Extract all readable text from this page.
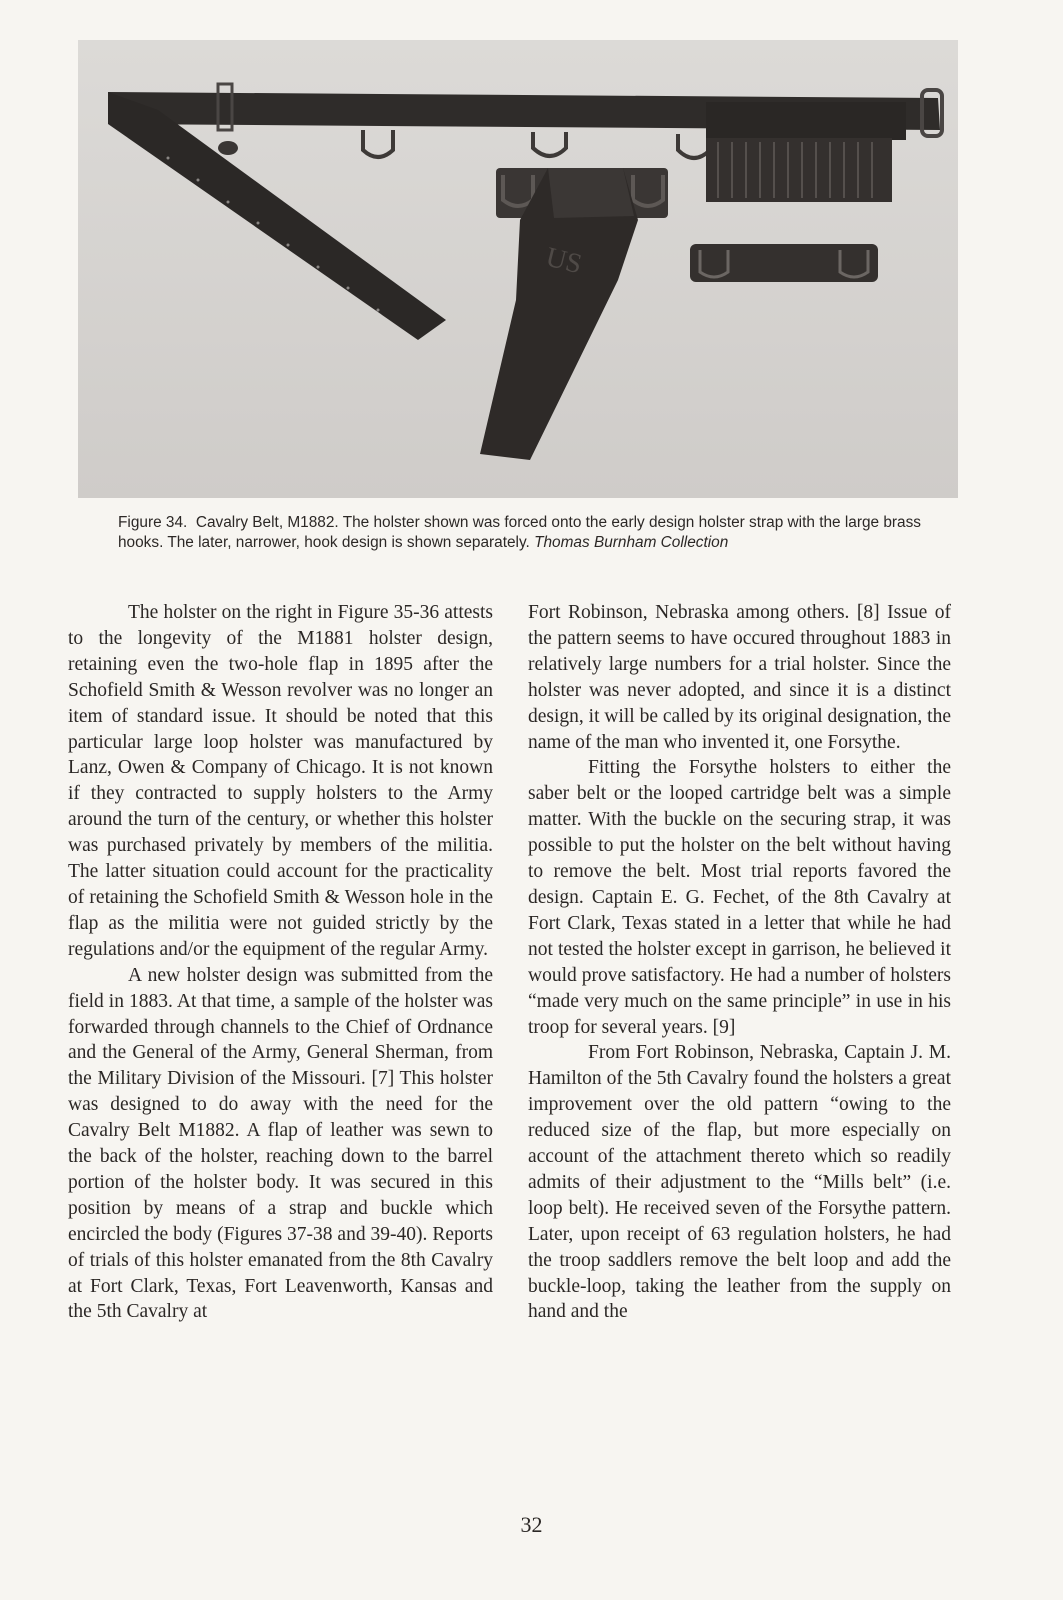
US
Figure 34.  Cavalry Belt, M1882. The holster shown was forced onto the early design holster strap with the large brass hooks. The later, narrower, hook design is shown separately. Thomas Burnham Collection

The holster on the right in Figure 35-36 attests to the longevity of the M1881 holster design, retaining even the two-hole flap in 1895 after the Schofield Smith & Wesson revolver was no longer an item of standard issue. It should be noted that this particular large loop holster was manufactured by Lanz, Owen & Company of Chicago. It is not known if they contracted to supply holsters to the Army around the turn of the century, or whether this holster was purchased privately by members of the militia. The latter situation could account for the practicality of retaining the Schofield Smith & Wesson hole in the flap as the militia were not guided strictly by the regulations and/or the equipment of the regular Army.

A new holster design was submitted from the field in 1883. At that time, a sample of the holster was forwarded through channels to the Chief of Ordnance and the General of the Army, General Sherman, from the Military Division of the Missouri. [7] This holster was designed to do away with the need for the Cavalry Belt M1882. A flap of leather was sewn to the back of the holster, reaching down to the barrel portion of the holster body. It was secured in this position by means of a strap and buckle which encircled the body (Figures 37-38 and 39-40). Reports of trials of this holster emanated from the 8th Cavalry at Fort Clark, Texas, Fort Leavenworth, Kansas and the 5th Cavalry at

Fort Robinson, Nebraska among others. [8] Issue of the pattern seems to have occured throughout 1883 in relatively large numbers for a trial holster. Since the holster was never adopted, and since it is a distinct design, it will be called by its original designation, the name of the man who invented it, one Forsythe.

Fitting the Forsythe holsters to either the saber belt or the looped cartridge belt was a simple matter. With the buckle on the securing strap, it was possible to put the holster on the belt without having to remove the belt. Most trial reports favored the design. Captain E. G. Fechet, of the 8th Cavalry at Fort Clark, Texas stated in a letter that while he had not tested the holster except in garrison, he believed it would prove satisfactory. He had a number of holsters “made very much on the same principle” in use in his troop for several years. [9]

From Fort Robinson, Nebraska, Captain J. M. Hamilton of the 5th Cavalry found the holsters a great improvement over the old pattern “owing to the reduced size of the flap, but more especially on account of the attachment thereto which so readily admits of their adjustment to the “Mills belt” (i.e. loop belt). He received seven of the Forsythe pattern. Later, upon receipt of 63 regulation holsters, he had the troop saddlers remove the belt loop and add the buckle-loop, taking the leather from the supply on hand and the

32
